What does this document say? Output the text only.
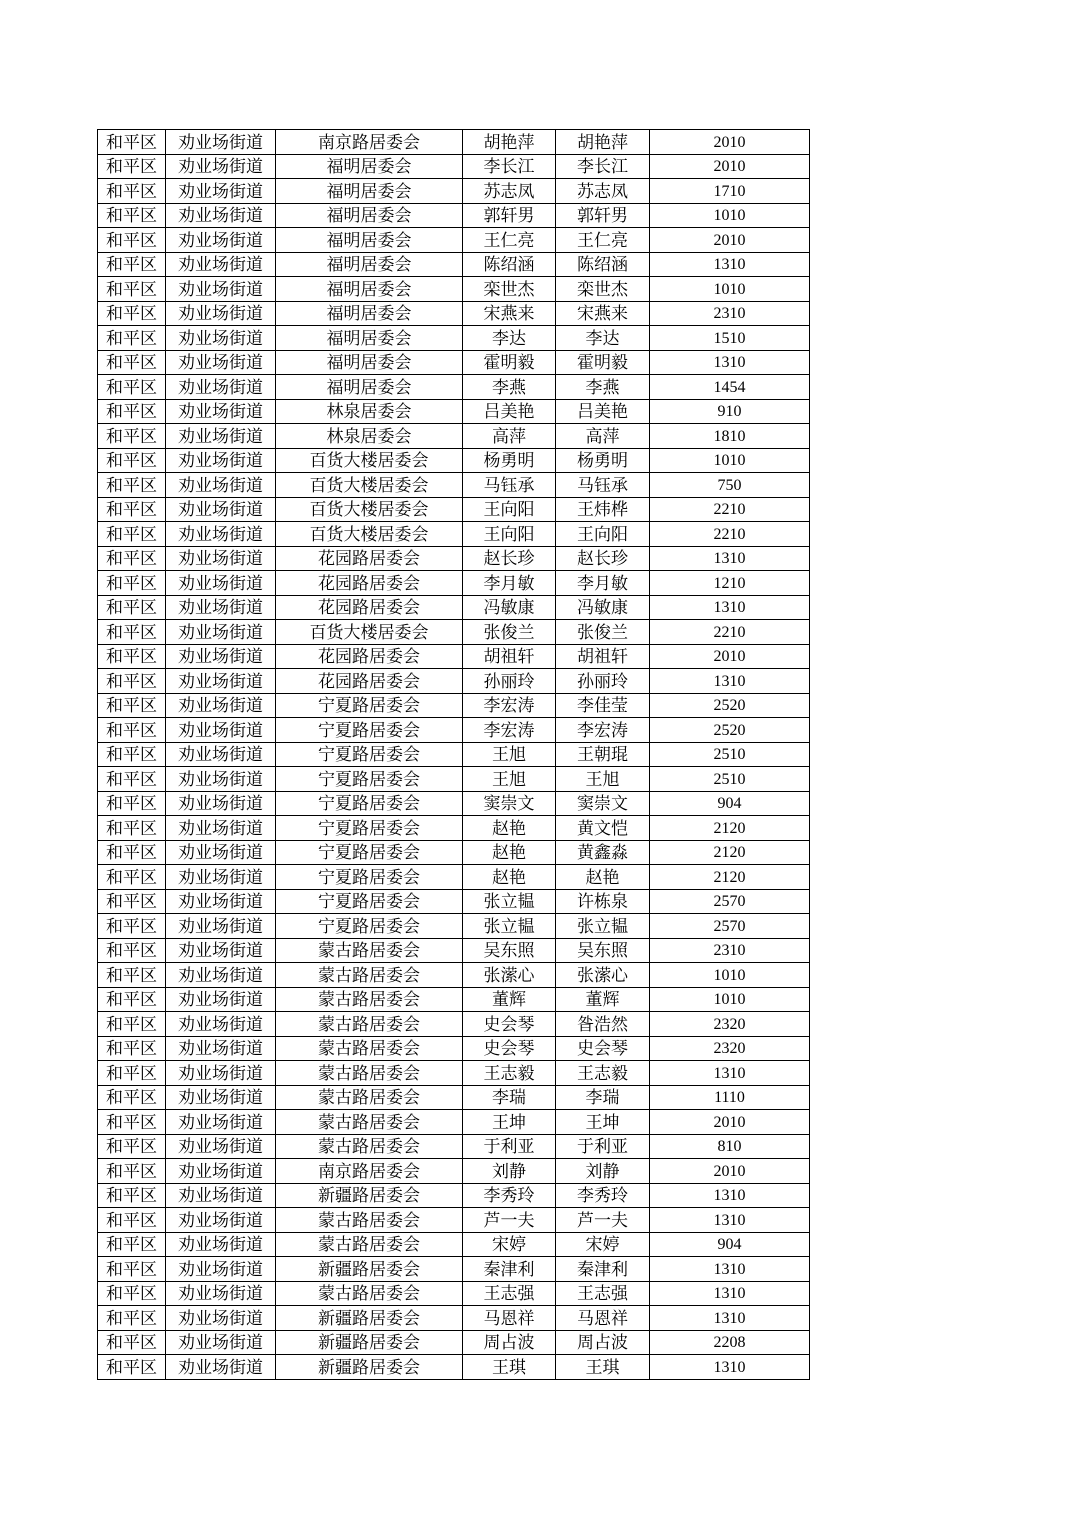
和平区	劝业场街道	南京路居委会	胡艳萍	胡艳萍	2010
和平区	劝业场街道	福明居委会	李长江	李长江	2010
和平区	劝业场街道	福明居委会	苏志凤	苏志凤	1710
和平区	劝业场街道	福明居委会	郭轩男	郭轩男	1010
和平区	劝业场街道	福明居委会	王仁亮	王仁亮	2010
和平区	劝业场街道	福明居委会	陈绍涵	陈绍涵	1310
和平区	劝业场街道	福明居委会	栾世杰	栾世杰	1010
和平区	劝业场街道	福明居委会	宋燕来	宋燕来	2310
和平区	劝业场街道	福明居委会	李达	李达	1510
和平区	劝业场街道	福明居委会	霍明毅	霍明毅	1310
和平区	劝业场街道	福明居委会	李燕	李燕	1454
和平区	劝业场街道	林泉居委会	吕美艳	吕美艳	910
和平区	劝业场街道	林泉居委会	高萍	高萍	1810
和平区	劝业场街道	百货大楼居委会	杨勇明	杨勇明	1010
和平区	劝业场街道	百货大楼居委会	马钰承	马钰承	750
和平区	劝业场街道	百货大楼居委会	王向阳	王炜桦	2210
和平区	劝业场街道	百货大楼居委会	王向阳	王向阳	2210
和平区	劝业场街道	花园路居委会	赵长珍	赵长珍	1310
和平区	劝业场街道	花园路居委会	李月敏	李月敏	1210
和平区	劝业场街道	花园路居委会	冯敏康	冯敏康	1310
和平区	劝业场街道	百货大楼居委会	张俊兰	张俊兰	2210
和平区	劝业场街道	花园路居委会	胡祖轩	胡祖轩	2010
和平区	劝业场街道	花园路居委会	孙丽玲	孙丽玲	1310
和平区	劝业场街道	宁夏路居委会	李宏涛	李佳莹	2520
和平区	劝业场街道	宁夏路居委会	李宏涛	李宏涛	2520
和平区	劝业场街道	宁夏路居委会	王旭	王朝琨	2510
和平区	劝业场街道	宁夏路居委会	王旭	王旭	2510
和平区	劝业场街道	宁夏路居委会	窦崇文	窦崇文	904
和平区	劝业场街道	宁夏路居委会	赵艳	黄文恺	2120
和平区	劝业场街道	宁夏路居委会	赵艳	黄鑫淼	2120
和平区	劝业场街道	宁夏路居委会	赵艳	赵艳	2120
和平区	劝业场街道	宁夏路居委会	张立韫	许栋泉	2570
和平区	劝业场街道	宁夏路居委会	张立韫	张立韫	2570
和平区	劝业场街道	蒙古路居委会	吴东照	吴东照	2310
和平区	劝业场街道	蒙古路居委会	张潆心	张潆心	1010
和平区	劝业场街道	蒙古路居委会	董辉	董辉	1010
和平区	劝业场街道	蒙古路居委会	史会琴	昝浩然	2320
和平区	劝业场街道	蒙古路居委会	史会琴	史会琴	2320
和平区	劝业场街道	蒙古路居委会	王志毅	王志毅	1310
和平区	劝业场街道	蒙古路居委会	李瑞	李瑞	1110
和平区	劝业场街道	蒙古路居委会	王坤	王坤	2010
和平区	劝业场街道	蒙古路居委会	于利亚	于利亚	810
和平区	劝业场街道	南京路居委会	刘静	刘静	2010
和平区	劝业场街道	新疆路居委会	李秀玲	李秀玲	1310
和平区	劝业场街道	蒙古路居委会	芦一夫	芦一夫	1310
和平区	劝业场街道	蒙古路居委会	宋婷	宋婷	904
和平区	劝业场街道	新疆路居委会	秦津利	秦津利	1310
和平区	劝业场街道	蒙古路居委会	王志强	王志强	1310
和平区	劝业场街道	新疆路居委会	马恩祥	马恩祥	1310
和平区	劝业场街道	新疆路居委会	周占波	周占波	2208
和平区	劝业场街道	新疆路居委会	王琪	王琪	1310
